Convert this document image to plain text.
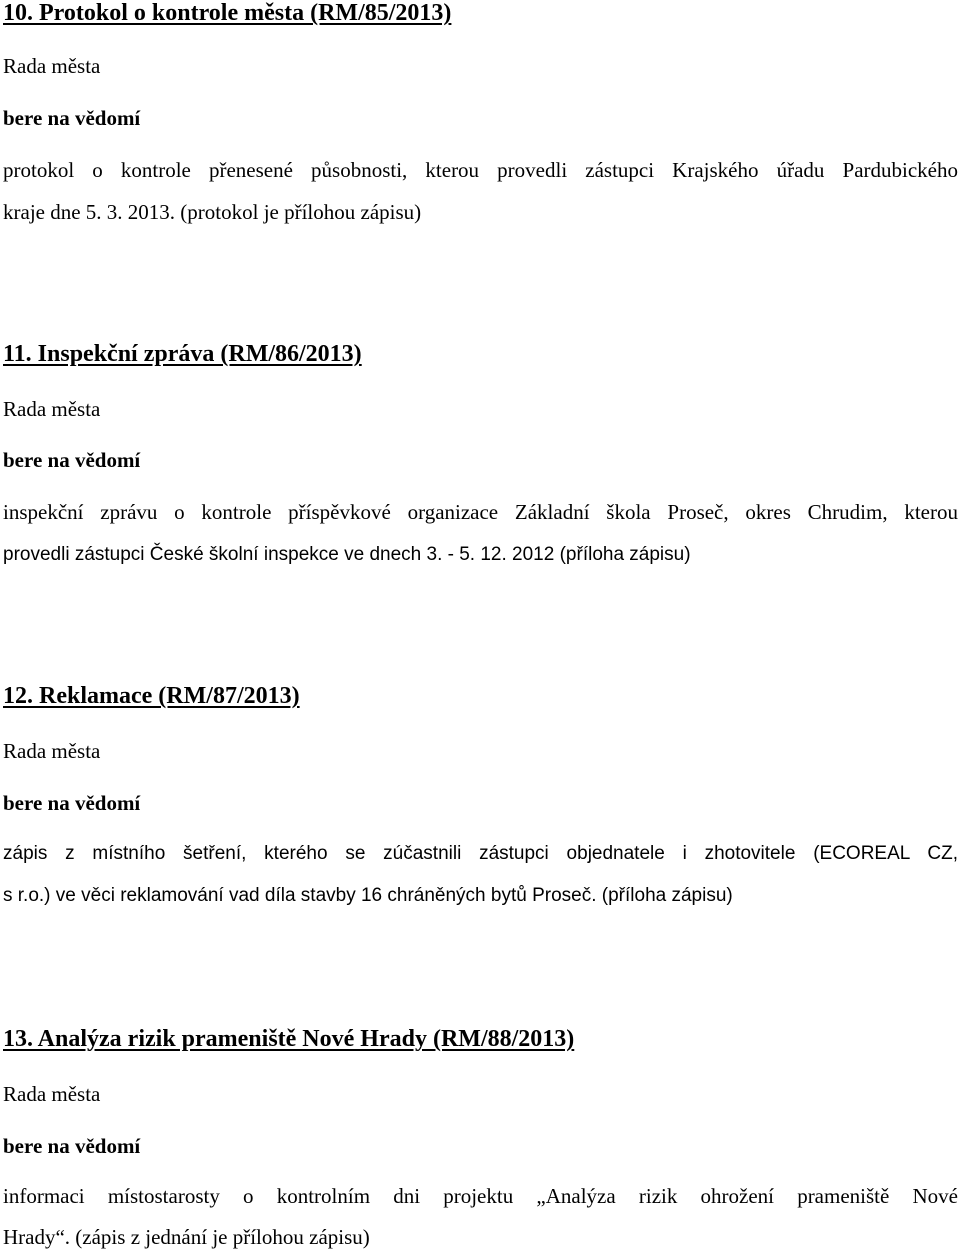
10. Protokol o kontrole města (RM/85/2013)

Rada města

bere na vědomí

protokol o kontrole přenesené působnosti, kterou provedli zástupci Krajského úřadu Pardubického

kraje dne 5. 3. 2013. (protokol je přílohou zápisu)

11. Inspekční zpráva (RM/86/2013)

Rada města

bere na vědomí

inspekční zprávu o kontrole příspěvkové organizace Základní škola Proseč, okres Chrudim, kterou

provedli zástupci České školní inspekce ve dnech 3. - 5. 12. 2012 (příloha zápisu)

12. Reklamace (RM/87/2013)

Rada města

bere na vědomí

zápis z místního šetření, kterého se zúčastnili zástupci objednatele i zhotovitele (ECOREAL CZ,

s r.o.) ve věci reklamování vad díla stavby 16 chráněných bytů Proseč. (příloha zápisu)

13. Analýza rizik prameniště Nové Hrady (RM/88/2013)

Rada města

bere na vědomí

informaci místostarosty o kontrolním dni projektu „Analýza rizik ohrožení prameniště Nové

Hrady“. (zápis z jednání je přílohou zápisu)
